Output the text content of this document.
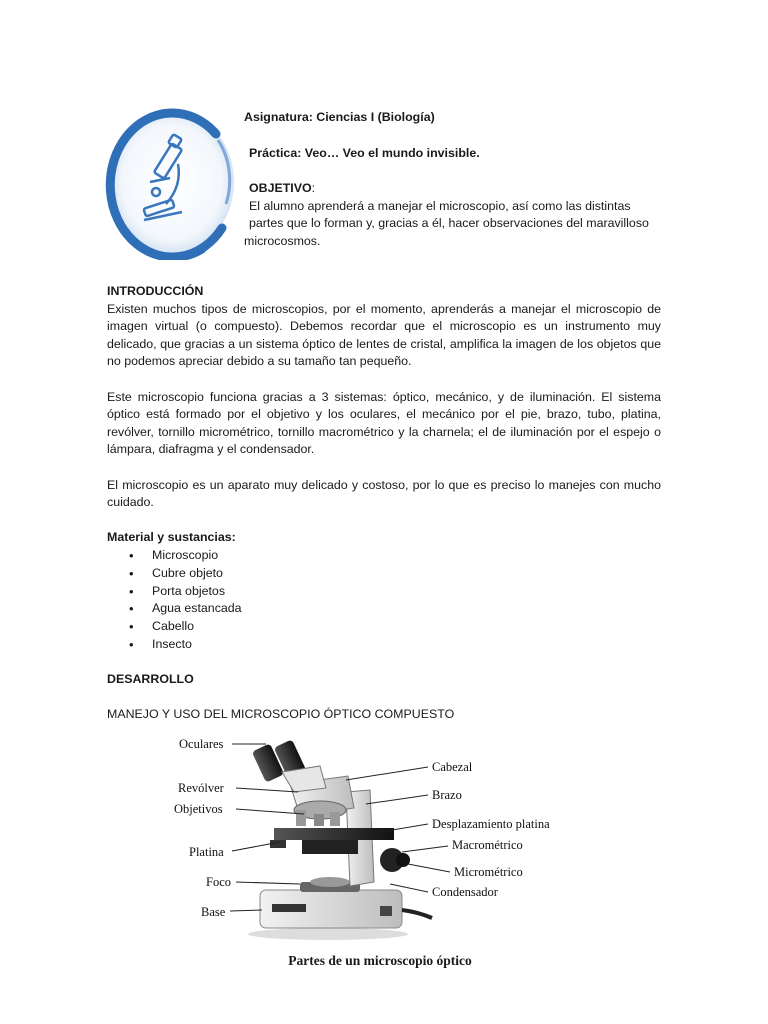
Asignatura: Ciencias I (Biología)
Práctica: Veo… Veo el mundo invisible.
OBJETIVO:
El alumno aprenderá a manejar el microscopio, así como las distintas
partes que lo forman y, gracias a él, hacer observaciones del maravilloso
microcosmos.

INTRODUCCIÓN

Existen muchos tipos de microscopios, por el momento, aprenderás a manejar el microscopio de imagen virtual (o compuesto). Debemos recordar que el microscopio es un instrumento muy delicado, que gracias a un sistema óptico de lentes de cristal, amplifica la imagen de los objetos que no podemos apreciar debido a su tamaño tan pequeño.

Este microscopio funciona gracias a 3 sistemas: óptico, mecánico, y de iluminación. El sistema óptico está formado por el objetivo y los oculares, el mecánico por el pie, brazo, tubo, platina, revólver, tornillo micrométrico, tornillo macrométrico y la charnela; el de iluminación por el espejo o lámpara, diafragma y el condensador.

El microscopio es un aparato muy delicado y costoso, por lo que es preciso lo manejes con mucho cuidado.

Material y sustancias:

• Microscopio
• Cubre objeto
• Porta objetos
• Agua estancada
• Cabello
• Insecto

DESARROLLO

MANEJO Y USO DEL MICROSCOPIO ÓPTICO COMPUESTO

Oculares
Revólver
Objetivos
Platina
Foco
Base
Cabezal
Brazo
Desplazamiento platina
Macrométrico
Micrométrico
Condensador
Partes de un microscopio óptico
